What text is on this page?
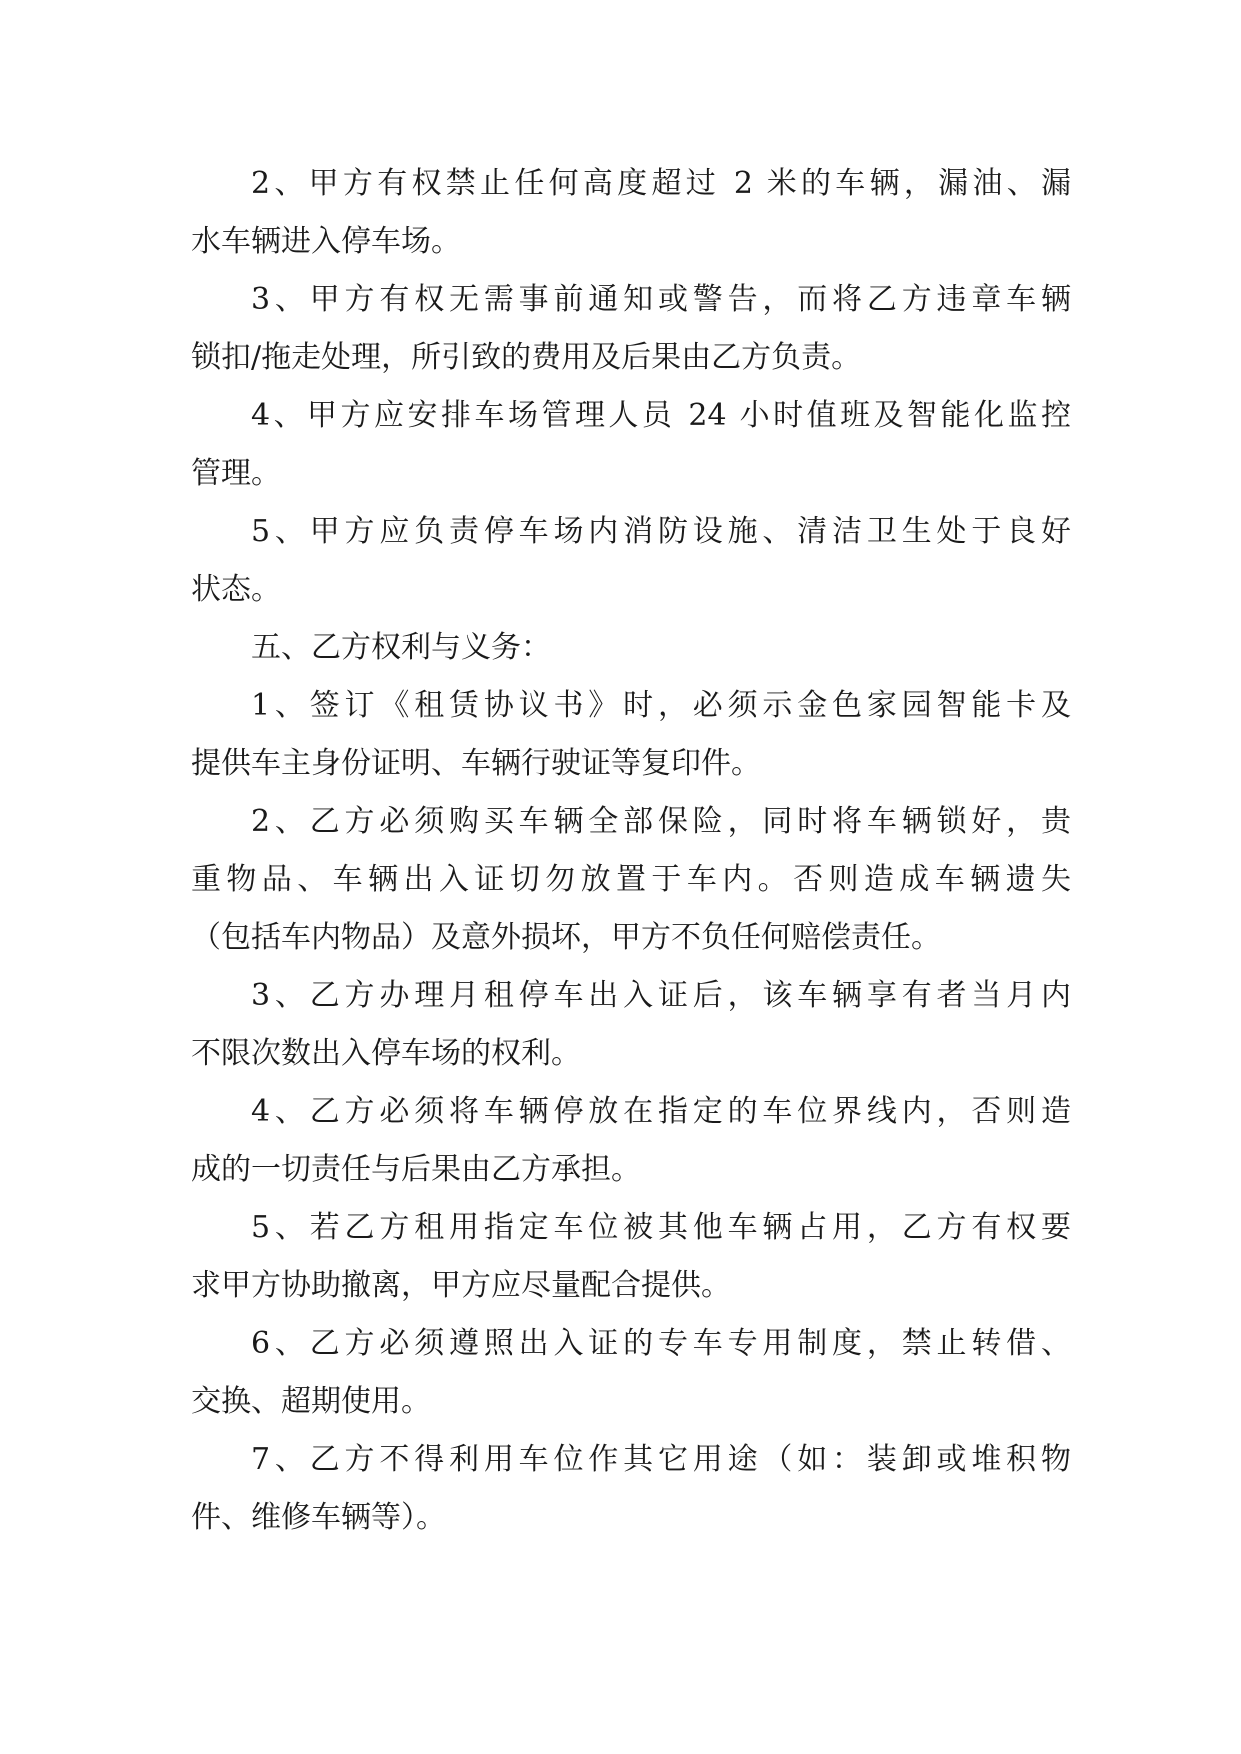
2、甲方有权禁止任何高度超过 2 米的车辆，漏油、漏
水车辆进入停车场。
3、甲方有权无需事前通知或警告，而将乙方违章车辆
锁扣/拖走处理，所引致的费用及后果由乙方负责。
4、甲方应安排车场管理人员 24 小时值班及智能化监控
管理。
5、甲方应负责停车场内消防设施、清洁卫生处于良好
状态。
五、乙方权利与义务：
1、签订《租赁协议书》时，必须示金色家园智能卡及
提供车主身份证明、车辆行驶证等复印件。
2、乙方必须购买车辆全部保险，同时将车辆锁好，贵
重物品、车辆出入证切勿放置于车内。否则造成车辆遗失
（包括车内物品）及意外损坏，甲方不负任何赔偿责任。
3、乙方办理月租停车出入证后，该车辆享有者当月内
不限次数出入停车场的权利。
4、乙方必须将车辆停放在指定的车位界线内，否则造
成的一切责任与后果由乙方承担。
5、若乙方租用指定车位被其他车辆占用，乙方有权要
求甲方协助撤离，甲方应尽量配合提供。
6、乙方必须遵照出入证的专车专用制度，禁止转借、
交换、超期使用。
7、乙方不得利用车位作其它用途（如：装卸或堆积物
件、维修车辆等）。
